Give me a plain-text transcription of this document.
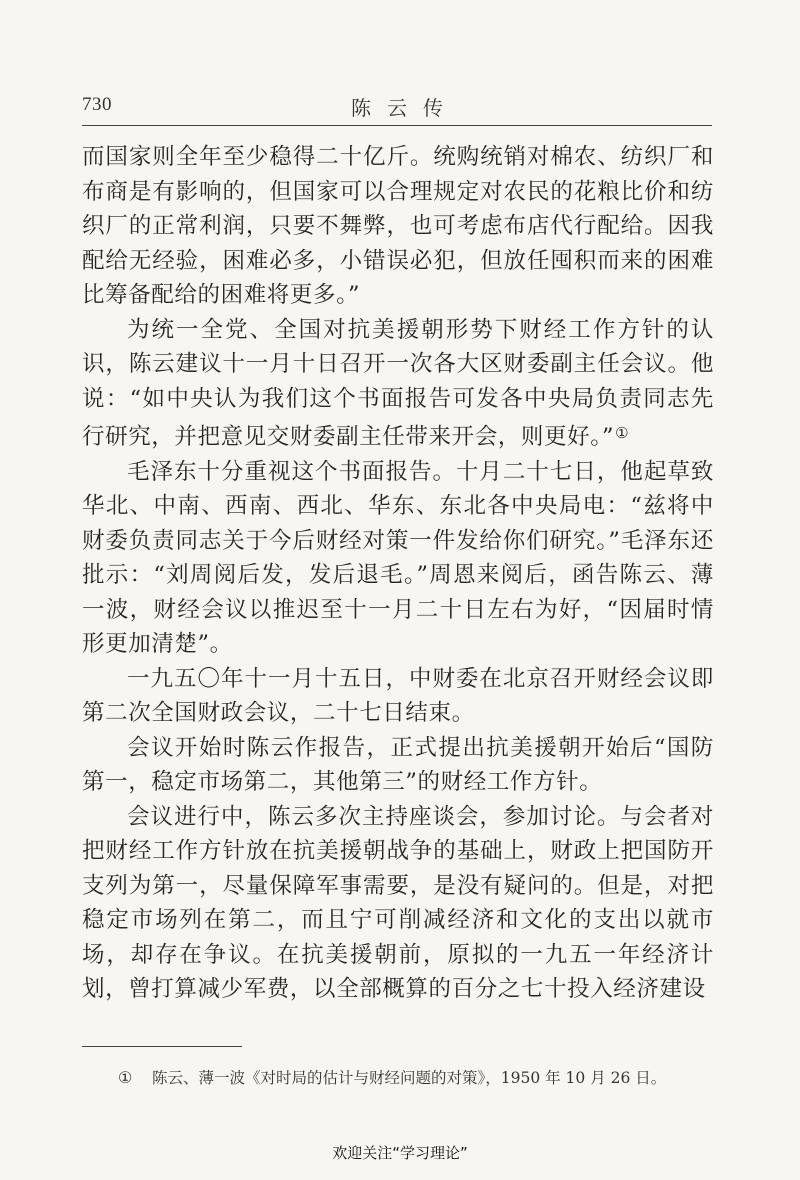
730	陈云传

而国家则全年至少稳得二十亿斤。统购统销对棉农、纺织厂和布商是有影响的，但国家可以合理规定对农民的花粮比价和纺织厂的正常利润，只要不舞弊，也可考虑布店代行配给。因我配给无经验，困难必多，小错误必犯，但放任囤积而来的困难比筹备配给的困难将更多。”

为统一全党、全国对抗美援朝形势下财经工作方针的认识，陈云建议十一月十日召开一次各大区财委副主任会议。他说：“如中央认为我们这个书面报告可发各中央局负责同志先行研究，并把意见交财委副主任带来开会，则更好。”①

毛泽东十分重视这个书面报告。十月二十七日，他起草致华北、中南、西南、西北、华东、东北各中央局电：“兹将中财委负责同志关于今后财经对策一件发给你们研究。”毛泽东还批示：“刘周阅后发，发后退毛。”周恩来阅后，函告陈云、薄一波，财经会议以推迟至十一月二十日左右为好，“因届时情形更加清楚”。

一九五〇年十一月十五日，中财委在北京召开财经会议即第二次全国财政会议，二十七日结束。

会议开始时陈云作报告，正式提出抗美援朝开始后“国防第一，稳定市场第二，其他第三”的财经工作方针。

会议进行中，陈云多次主持座谈会，参加讨论。与会者对把财经工作方针放在抗美援朝战争的基础上，财政上把国防开支列为第一，尽量保障军事需要，是没有疑问的。但是，对把稳定市场列在第二，而且宁可削减经济和文化的支出以就市场，却存在争议。在抗美援朝前，原拟的一九五一年经济计划，曾打算减少军费，以全部概算的百分之七十投入经济建设

① 陈云、薄一波《对时局的估计与财经问题的对策》，1950 年 10 月 26 日。
欢迎关注“学习理论”
